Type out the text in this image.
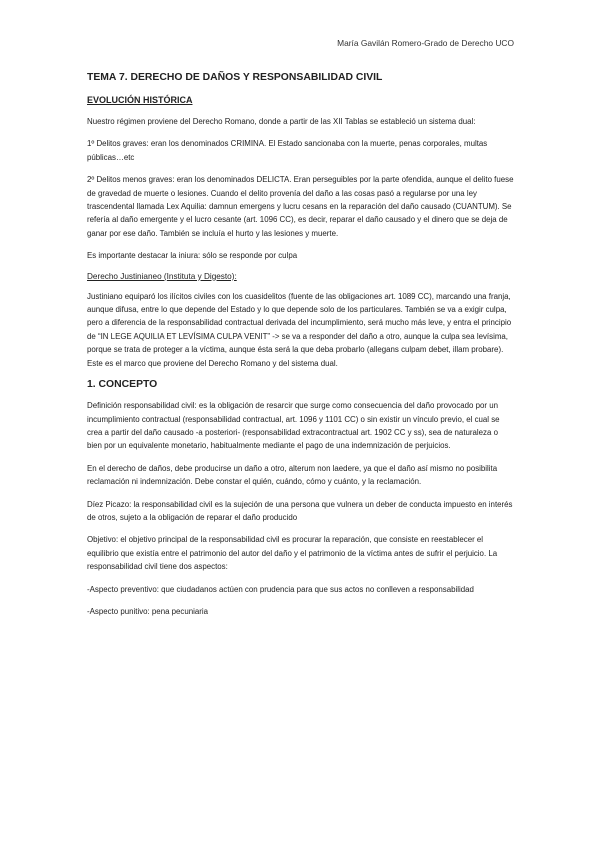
María Gavilán Romero-Grado de Derecho UCO
TEMA 7. DERECHO DE DAÑOS Y RESPONSABILIDAD CIVIL
EVOLUCIÓN HISTÓRICA

Nuestro régimen proviene del Derecho Romano, donde a partir de las XII Tablas se estableció un sistema dual:

1º Delitos graves: eran los denominados CRIMINA. El Estado sancionaba con la muerte, penas corporales, multas públicas…etc

2º Delitos menos graves: eran los denominados DELICTA. Eran perseguibles por la parte ofendida, aunque el delito fuese de gravedad de muerte o lesiones. Cuando el delito provenía del daño a las cosas pasó a regularse por una ley trascendental llamada Lex Aquilia: damnun emergens y lucru cesans en la reparación del daño causado (CUANTUM). Se refería al daño emergente y el lucro cesante (art. 1096 CC), es decir, reparar el daño causado y el dinero que se deja de ganar por ese daño. También se incluía el hurto y las lesiones y muerte.

Es importante destacar la iniura: sólo se responde por culpa

Derecho Justinianeo (Instituta y Digesto):

Justiniano equiparó los ilícitos civiles con los cuasidelitos (fuente de las obligaciones art. 1089 CC), marcando una franja, aunque difusa, entre lo que depende del Estado y lo que depende solo de los particulares. También se va a exigir culpa, pero a diferencia de la responsabilidad contractual derivada del incumplimiento, será mucho más leve, y entra el principio de “IN LEGE AQUILIA ET LEVÍSIMA CULPA VENIT” -> se va a responder del daño a otro, aunque la culpa sea levísima, porque se trata de proteger a la víctima, aunque ésta será la que deba probarlo (allegans culpam debet, illam probare). Este es el marco que proviene del Derecho Romano y del sistema dual.

1. CONCEPTO

Definición responsabilidad civil: es la obligación de resarcir que surge como consecuencia del daño provocado por un incumplimiento contractual (responsabilidad contractual, art. 1096 y 1101 CC) o sin existir un vínculo previo, el cual se crea a partir del daño causado -a posteriori- (responsabilidad extracontractual art. 1902 CC y ss), sea de naturaleza o bien por un equivalente monetario, habitualmente mediante el pago de una indemnización de perjuicios.

En el derecho de daños, debe producirse un daño a otro, alterum non laedere, ya que el daño así mismo no posibilita reclamación ni indemnización. Debe constar el quién, cuándo, cómo y cuánto, y la reclamación.

Díez Picazo: la responsabilidad civil es la sujeción de una persona que vulnera un deber de conducta impuesto en interés de otros, sujeto a la obligación de reparar el daño producido

Objetivo: el objetivo principal de la responsabilidad civil es procurar la reparación, que consiste en reestablecer el equilibrio que existía entre el patrimonio del autor del daño y el patrimonio de la víctima antes de sufrir el perjuicio. La responsabilidad civil tiene dos aspectos:

-Aspecto preventivo: que ciudadanos actúen con prudencia para que sus actos no conlleven a responsabilidad

-Aspecto punitivo: pena pecuniaria
